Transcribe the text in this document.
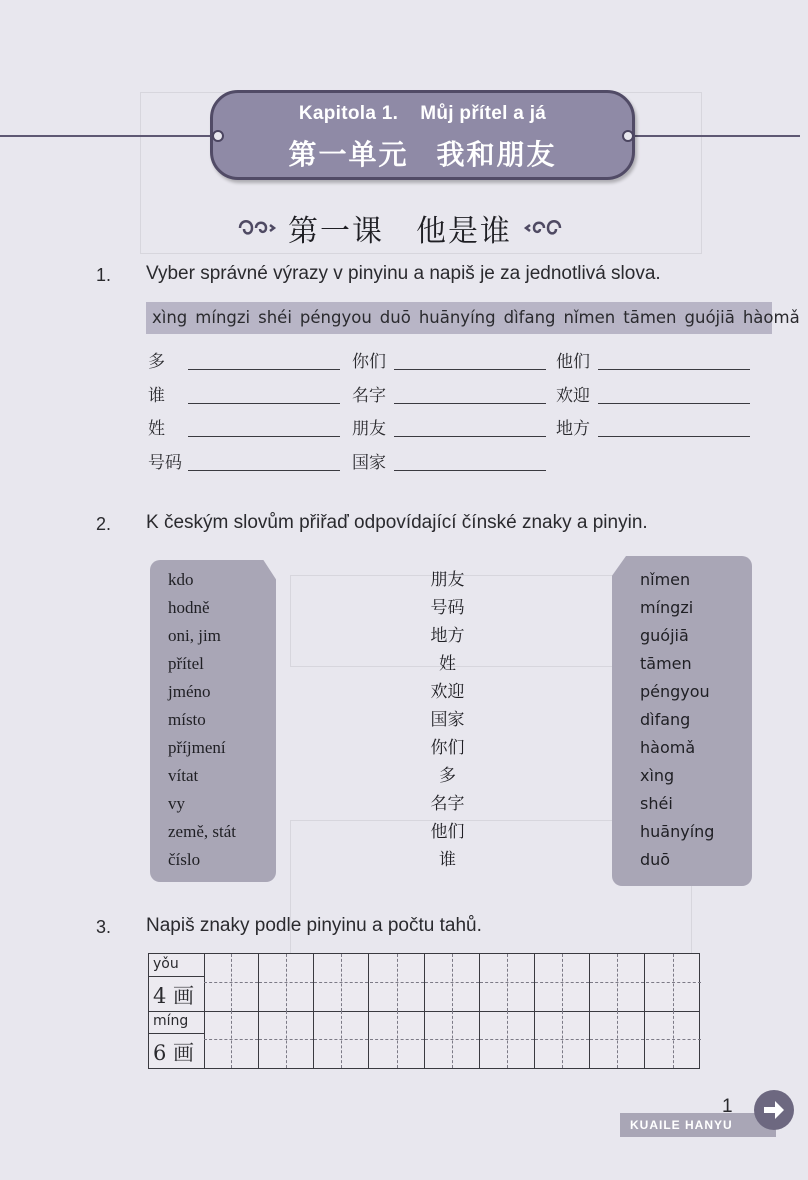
Kapitola 1. Můj přítel a já
第一单元 我和朋友
第一课 他是谁
1. Vyber správné výrazy v pinyinu a napiš je za jednotlivá slova.
xìng míngzi shéi péngyou duō huānyíng dìfang nǐmen tāmen guójiā hàomǎ
多	你们	他们
谁	名字	欢迎
姓	朋友	地方
号码	国家
2. K českým slovům přiřaď odpovídající čínské znaky a pinyin.
kdo
hodně
oni, jim
přítel
jméno
místo
příjmení
vítat
vy
země, stát
číslo
朋友
号码
地方
姓
欢迎
国家
你们
多
名字
他们
谁
nǐmen
míngzi
guójiā
tāmen
péngyou
dìfang
hàomǎ
xìng
shéi
huānyíng
duō
3. Napiš znaky podle pinyinu a počtu tahů.
yǒu
4 画
míng
6 画
KUAILE HANYU
1
